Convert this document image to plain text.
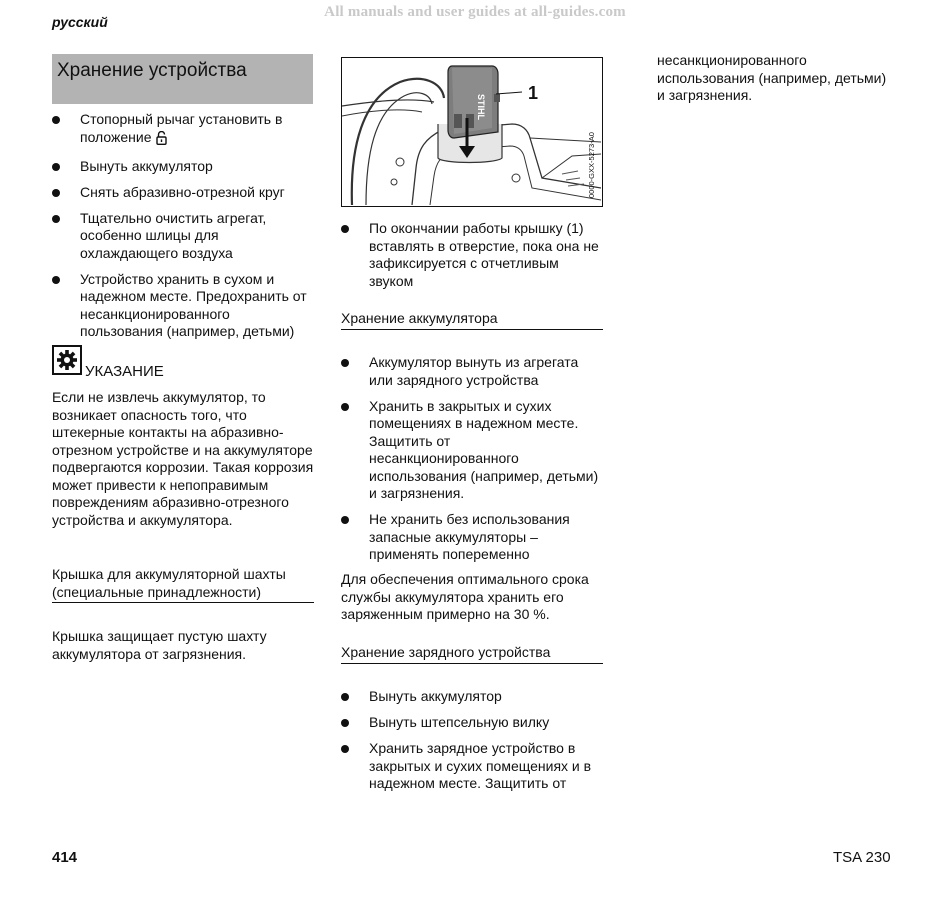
All manuals and user guides at all-guides.com
русский
Хранение устройства
Стопорный рычаг установить в положение
Вынуть аккумулятор
Снять абразивно-отрезной круг
Тщательно очистить агрегат, особенно шлицы для охлаждающего воздуха
Устройство хранить в сухом и надежном месте. Предохранить от несанкционированного пользования (например, детьми)
УКАЗАНИЕ
Если не извлечь аккумулятор, то возникает опасность того, что штекерные контакты на абразивно-отрезном устройстве и на аккумуляторе подвергаются коррозии. Такая коррозия может привести к непоправимым повреждениям абразивно-отрезного устройства и аккумулятора.
Крышка для аккумуляторной шахты (специальные принадлежности)
Крышка защищает пустую шахту аккумулятора от загрязнения.
STIHL
1
0000-GXX-5273-A0
По окончании работы крышку (1) вставлять в отверстие, пока она не зафиксируется с отчетливым звуком
Хранение аккумулятора
Аккумулятор вынуть из агрегата или зарядного устройства
Хранить в закрытых и сухих помещениях в надежном месте. Защитить от несанкционированного использования (например, детьми) и загрязнения.
Не хранить без использования запасные аккумуляторы – применять попеременно
Для обеспечения оптимального срока службы аккумулятора хранить его заряженным примерно на 30 %.
Хранение зарядного устройства
Вынуть аккумулятор
Вынуть штепсельную вилку
Хранить зарядное устройство в закрытых и сухих помещениях и в надежном месте. Защитить от
несанкционированного использования (например, детьми) и загрязнения.
414	TSA 230
